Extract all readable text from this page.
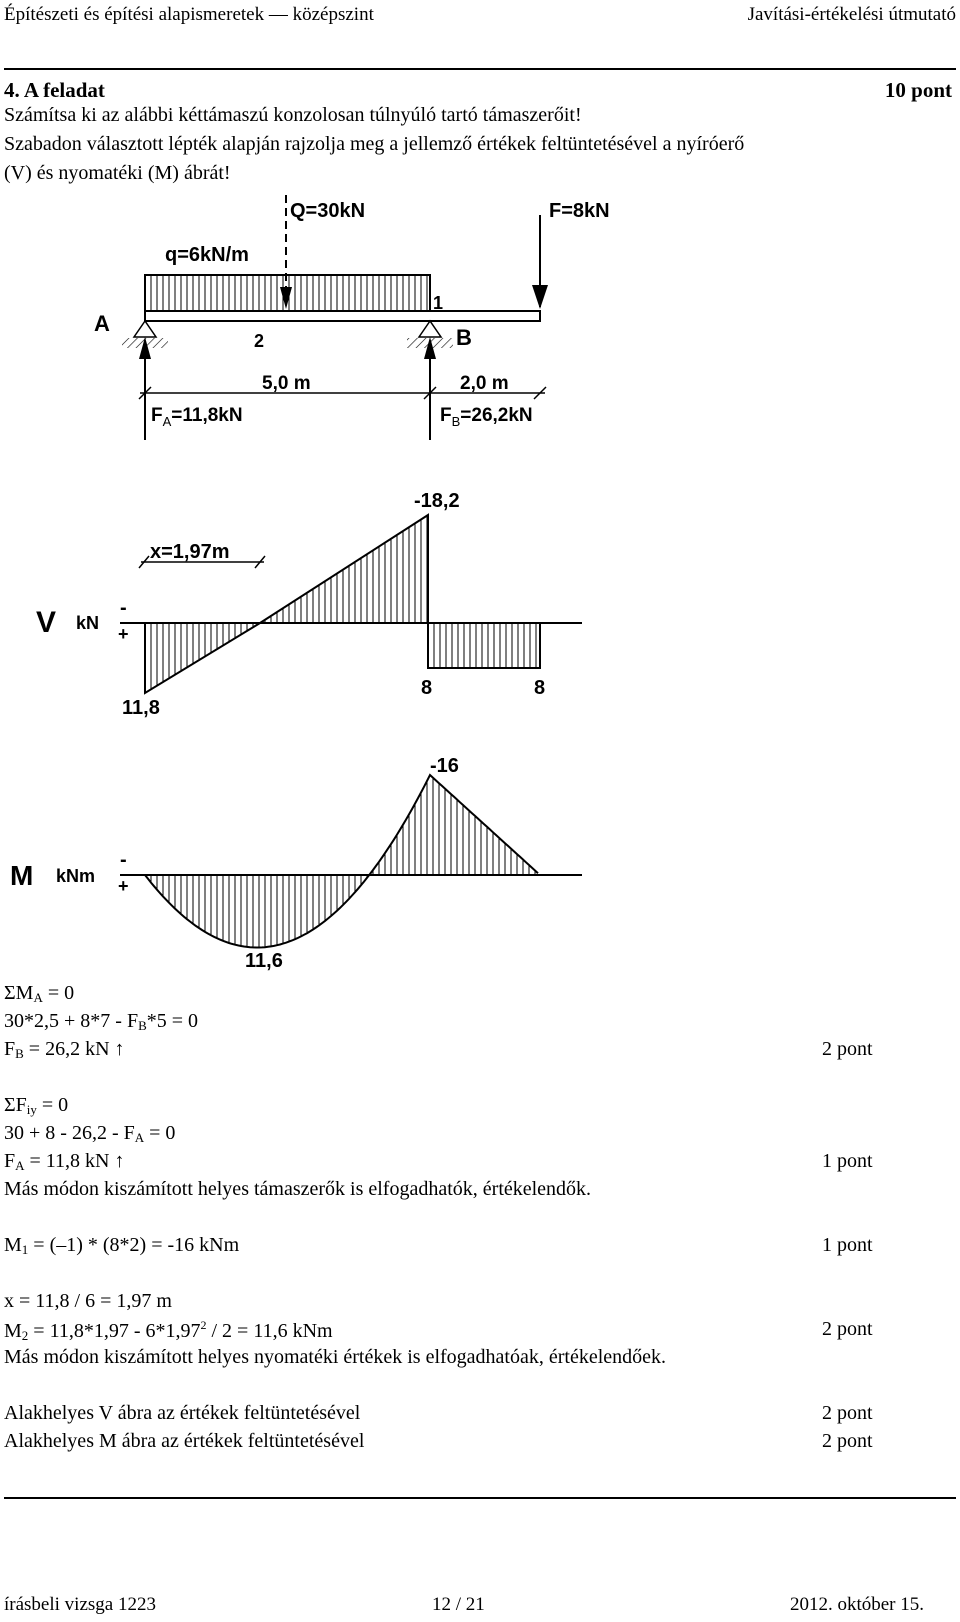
Építészeti és építési alapismeretek — középszint	Javítási-értékelési útmutató
4. A feladat	10 pont
Számítsa ki az alábbi kéttámaszú konzolosan túlnyúló tartó támaszerőit!
Szabadon választott lépték alapján rajzolja meg a jellemző értékek feltüntetésével a nyíróerő
(V) és nyomatéki (M) ábrát!
Q=30kN	F=8kN
q=6kN/m
A
B
1
2
5,0 m	2,0 m
$F_A=11,8kN$	$F_B=26,2kN$
V kN
-
+
-18,2
x=1,97m
11,8
8	8
M kNm
-
+
-16
11,6
$\Sigma M_A = 0$
$30*2,5 + 8*7 - F_B*5 = 0$
$F_B = 26,2$ kN ↑	2 pont
$\Sigma F_{iy} = 0$
$30 + 8 - 26,2 - F_A = 0$
$F_A = 11,8$ kN ↑	1 pont
Más módon kiszámított helyes támaszerők is elfogadhatók, értékelendők.
$M_1 = (-1) * (8*2) = -16$ kNm	1 pont
x = 11,8 / 6 = 1,97 m
$M_2 = 11,8*1,97 - 6*1,97^2 / 2 = 11,6$ kNm	2 pont
Más módon kiszámított helyes nyomatéki értékek is elfogadhatóak, értékelendőek.
Alakhelyes V ábra az értékek feltüntetésével	2 pont
Alakhelyes M ábra az értékek feltüntetésével	2 pont
írásbeli vizsga 1223	12 / 21	2012. október 15.
